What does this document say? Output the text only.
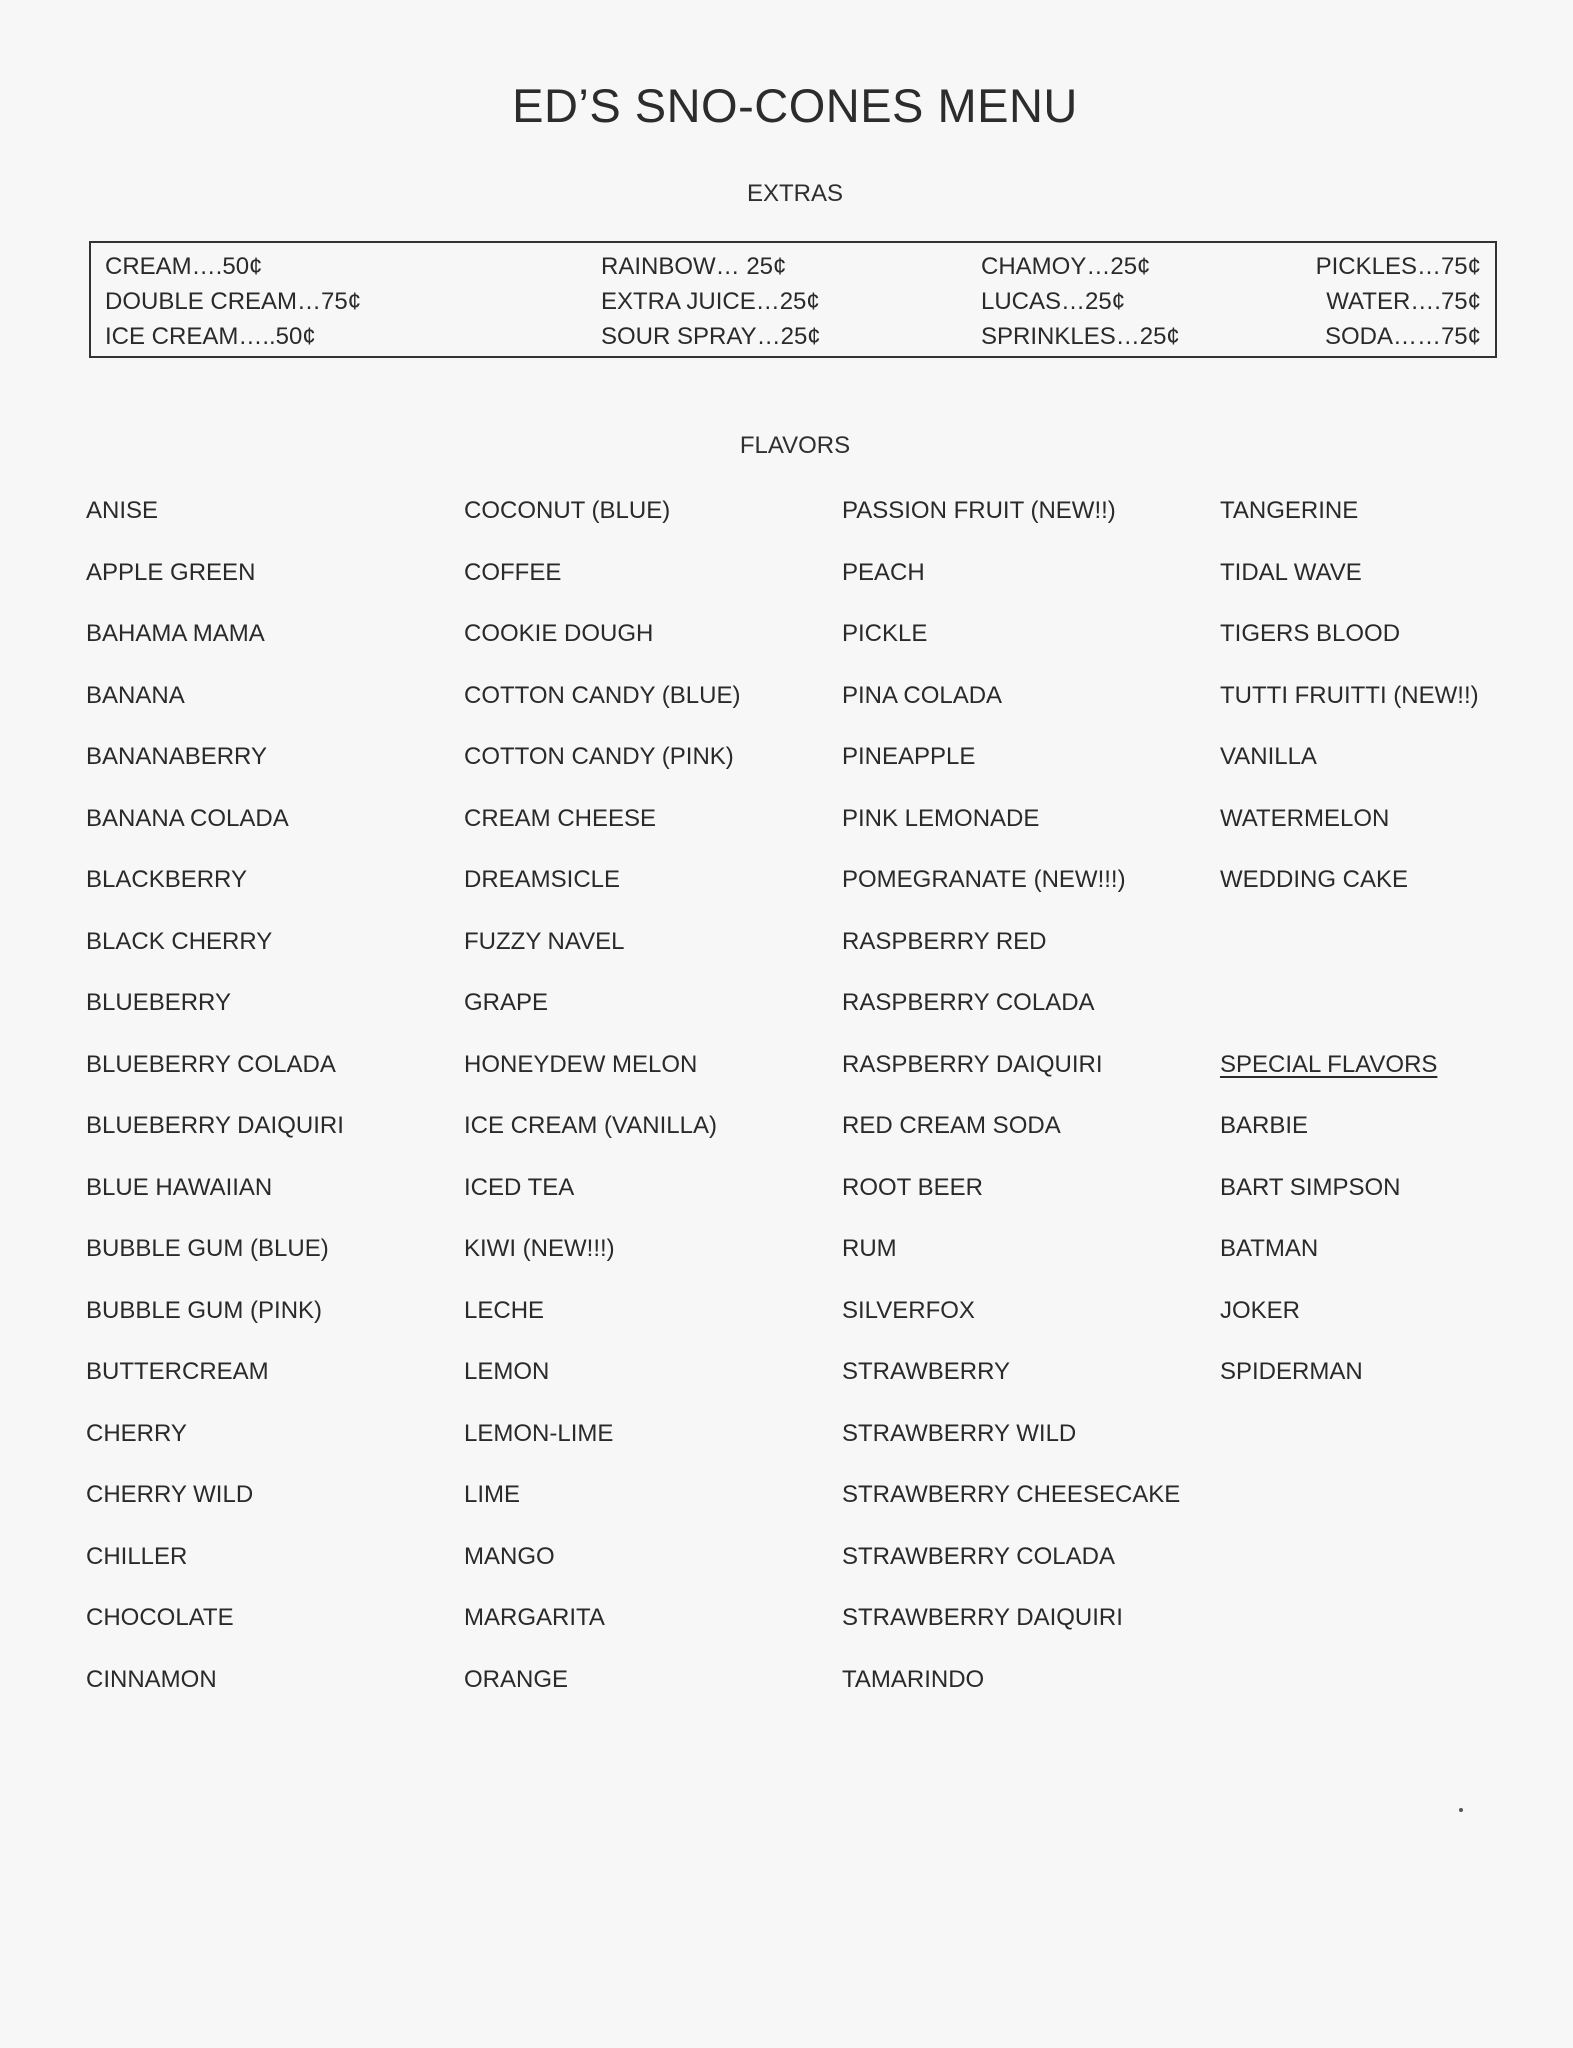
ED’S SNO-CONES MENU
EXTRAS
CREAM….50¢
DOUBLE CREAM…75¢
ICE CREAM…..50¢
RAINBOW… 25¢
EXTRA JUICE…25¢
SOUR SPRAY…25¢
CHAMOY…25¢
LUCAS…25¢
SPRINKLES…25¢
PICKLES…75¢
WATER….75¢
SODA……75¢
FLAVORS
ANISE
APPLE GREEN
BAHAMA MAMA
BANANA
BANANABERRY
BANANA COLADA
BLACKBERRY
BLACK CHERRY
BLUEBERRY
BLUEBERRY COLADA
BLUEBERRY DAIQUIRI
BLUE HAWAIIAN
BUBBLE GUM (BLUE)
BUBBLE GUM (PINK)
BUTTERCREAM
CHERRY
CHERRY WILD
CHILLER
CHOCOLATE
CINNAMON
COCONUT (BLUE)
COFFEE
COOKIE DOUGH
COTTON CANDY (BLUE)
COTTON CANDY (PINK)
CREAM CHEESE
DREAMSICLE
FUZZY NAVEL
GRAPE
HONEYDEW MELON
ICE CREAM (VANILLA)
ICED TEA
KIWI (NEW!!!)
LECHE
LEMON
LEMON-LIME
LIME
MANGO
MARGARITA
ORANGE
PASSION FRUIT (NEW!!)
PEACH
PICKLE
PINA COLADA
PINEAPPLE
PINK LEMONADE
POMEGRANATE (NEW!!!)
RASPBERRY RED
RASPBERRY COLADA
RASPBERRY DAIQUIRI
RED CREAM SODA
ROOT BEER
RUM
SILVERFOX
STRAWBERRY
STRAWBERRY WILD
STRAWBERRY CHEESECAKE
STRAWBERRY COLADA
STRAWBERRY DAIQUIRI
TAMARINDO
TANGERINE
TIDAL WAVE
TIGERS BLOOD
TUTTI FRUITTI (NEW!!)
VANILLA
WATERMELON
WEDDING CAKE
SPECIAL FLAVORS
BARBIE
BART SIMPSON
BATMAN
JOKER
SPIDERMAN
